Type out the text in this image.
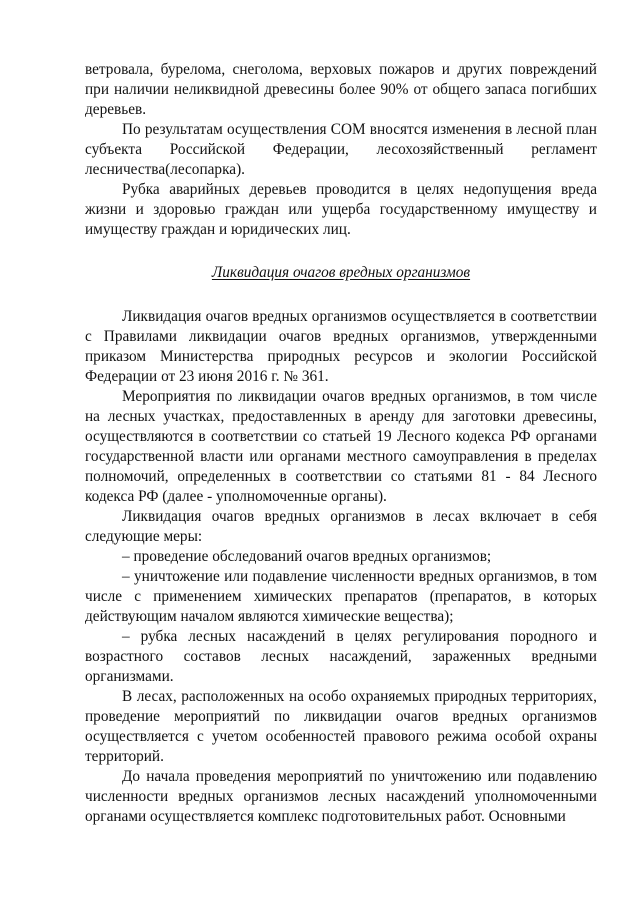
ветровала, бурелома, снеголома, верховых пожаров и других повреждений при наличии неликвидной древесины более 90% от общего запаса погибших деревьев.

По результатам осуществления СОМ вносятся изменения в лесной план субъекта Российской Федерации, лесохозяйственный регламент лесничества(лесопарка).

Рубка аварийных деревьев проводится в целях недопущения вреда жизни и здоровью граждан или ущерба государственному имуществу и имуществу граждан и юридических лиц.

Ликвидация очагов вредных организмов

Ликвидация очагов вредных организмов осуществляется в соответствии с Правилами ликвидации очагов вредных организмов, утвержденными приказом Министерства природных ресурсов и экологии Российской Федерации от 23 июня 2016 г. № 361.

Мероприятия по ликвидации очагов вредных организмов, в том числе на лесных участках, предоставленных в аренду для заготовки древесины, осуществляются в соответствии со статьей 19 Лесного кодекса РФ органами государственной власти или органами местного самоуправления в пределах полномочий, определенных в соответствии со статьями 81 - 84 Лесного кодекса РФ (далее - уполномоченные органы).

Ликвидация очагов вредных организмов в лесах включает в себя следующие меры:

– проведение обследований очагов вредных организмов;

– уничтожение или подавление численности вредных организмов, в том числе с применением химических препаратов (препаратов, в которых действующим началом являются химические вещества);

– рубка лесных насаждений в целях регулирования породного и возрастного составов лесных насаждений, зараженных вредными организмами.

В лесах, расположенных на особо охраняемых природных территориях, проведение мероприятий по ликвидации очагов вредных организмов осуществляется с учетом особенностей правового режима особой охраны территорий.

До начала проведения мероприятий по уничтожению или подавлению численности вредных организмов лесных насаждений уполномоченными органами осуществляется комплекс подготовительных работ. Основными
